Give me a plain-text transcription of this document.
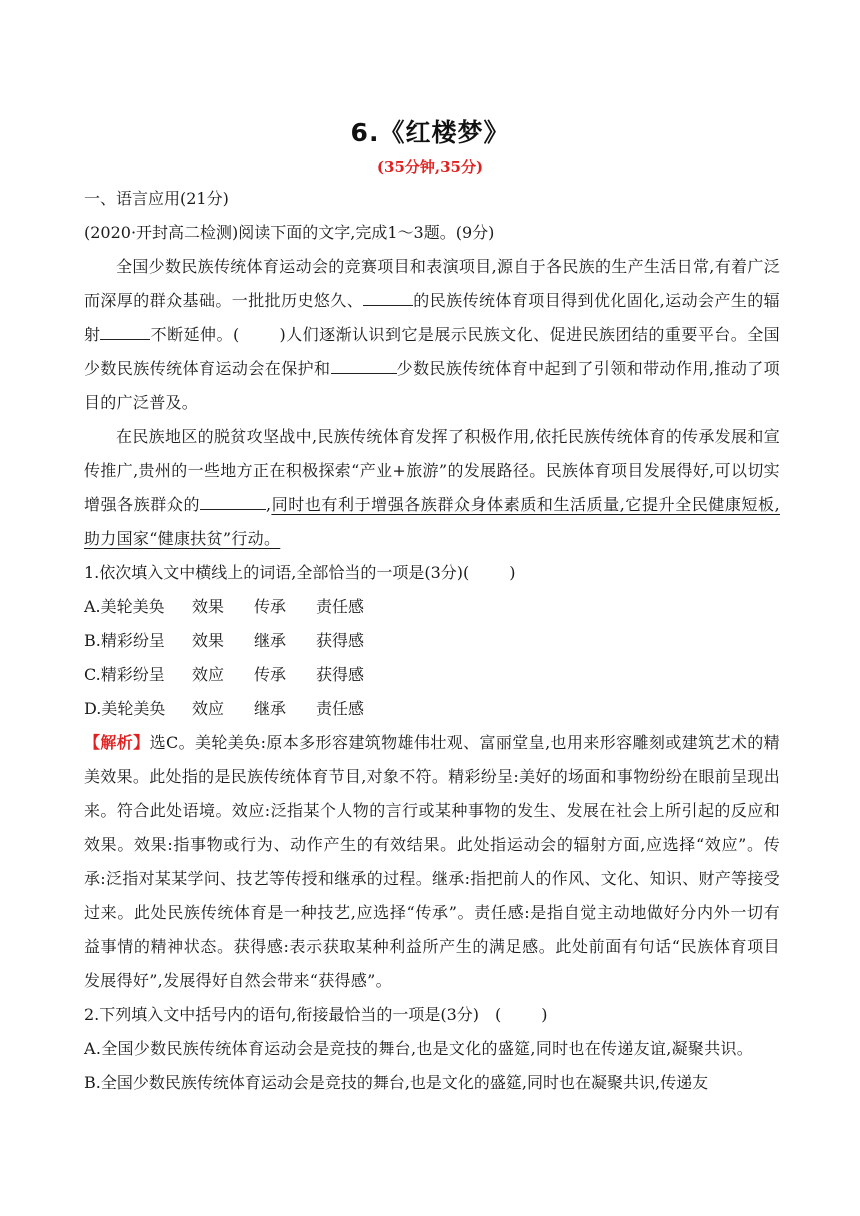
6.《红楼梦》
(35分钟,35分)

一、语言应用(21分)

(2020·开封高二检测)阅读下面的文字,完成1～3题。(9分)

全国少数民族传统体育运动会的竞赛项目和表演项目,源自于各民族的生产生活日常,有着广泛而深厚的群众基础。一批批历史悠久、	的民族传统体育项目得到优化固化,运动会产生的辐射	不断延伸。(	)人们逐渐认识到它是展示民族文化、促进民族团结的重要平台。全国少数民族传统体育运动会在保护和	少数民族传统体育中起到了引领和带动作用,推动了项目的广泛普及。

在民族地区的脱贫攻坚战中,民族传统体育发挥了积极作用,依托民族传统体育的传承发展和宣传推广,贵州的一些地方正在积极探索“产业+旅游”的发展路径。民族体育项目发展得好,可以切实增强各族群众的	,同时也有利于增强各族群众身体素质和生活质量,它提升全民健康短板,助力国家“健康扶贫”行动。

1.依次填入文中横线上的词语,全部恰当的一项是(3分)(	)

A.美轮美奂 效果 传承 责任感

B.精彩纷呈 效果 继承 获得感

C.精彩纷呈 效应 传承 获得感

D.美轮美奂 效应 继承 责任感

【解析】选C。美轮美奂:原本多形容建筑物雄伟壮观、富丽堂皇,也用来形容雕刻或建筑艺术的精美效果。此处指的是民族传统体育节目,对象不符。精彩纷呈:美好的场面和事物纷纷在眼前呈现出来。符合此处语境。效应:泛指某个人物的言行或某种事物的发生、发展在社会上所引起的反应和效果。效果:指事物或行为、动作产生的有效结果。此处指运动会的辐射方面,应选择“效应”。传承:泛指对某某学问、技艺等传授和继承的过程。继承:指把前人的作风、文化、知识、财产等接受过来。此处民族传统体育是一种技艺,应选择“传承”。责任感:是指自觉主动地做好分内外一切有益事情的精神状态。获得感:表示获取某种利益所产生的满足感。此处前面有句话“民族体育项目发展得好”,发展得好自然会带来“获得感”。

2.下列填入文中括号内的语句,衔接最恰当的一项是(3分)　(	)

A.全国少数民族传统体育运动会是竞技的舞台,也是文化的盛筵,同时也在传递友谊,凝聚共识。

B.全国少数民族传统体育运动会是竞技的舞台,也是文化的盛筵,同时也在凝聚共识,传递友
